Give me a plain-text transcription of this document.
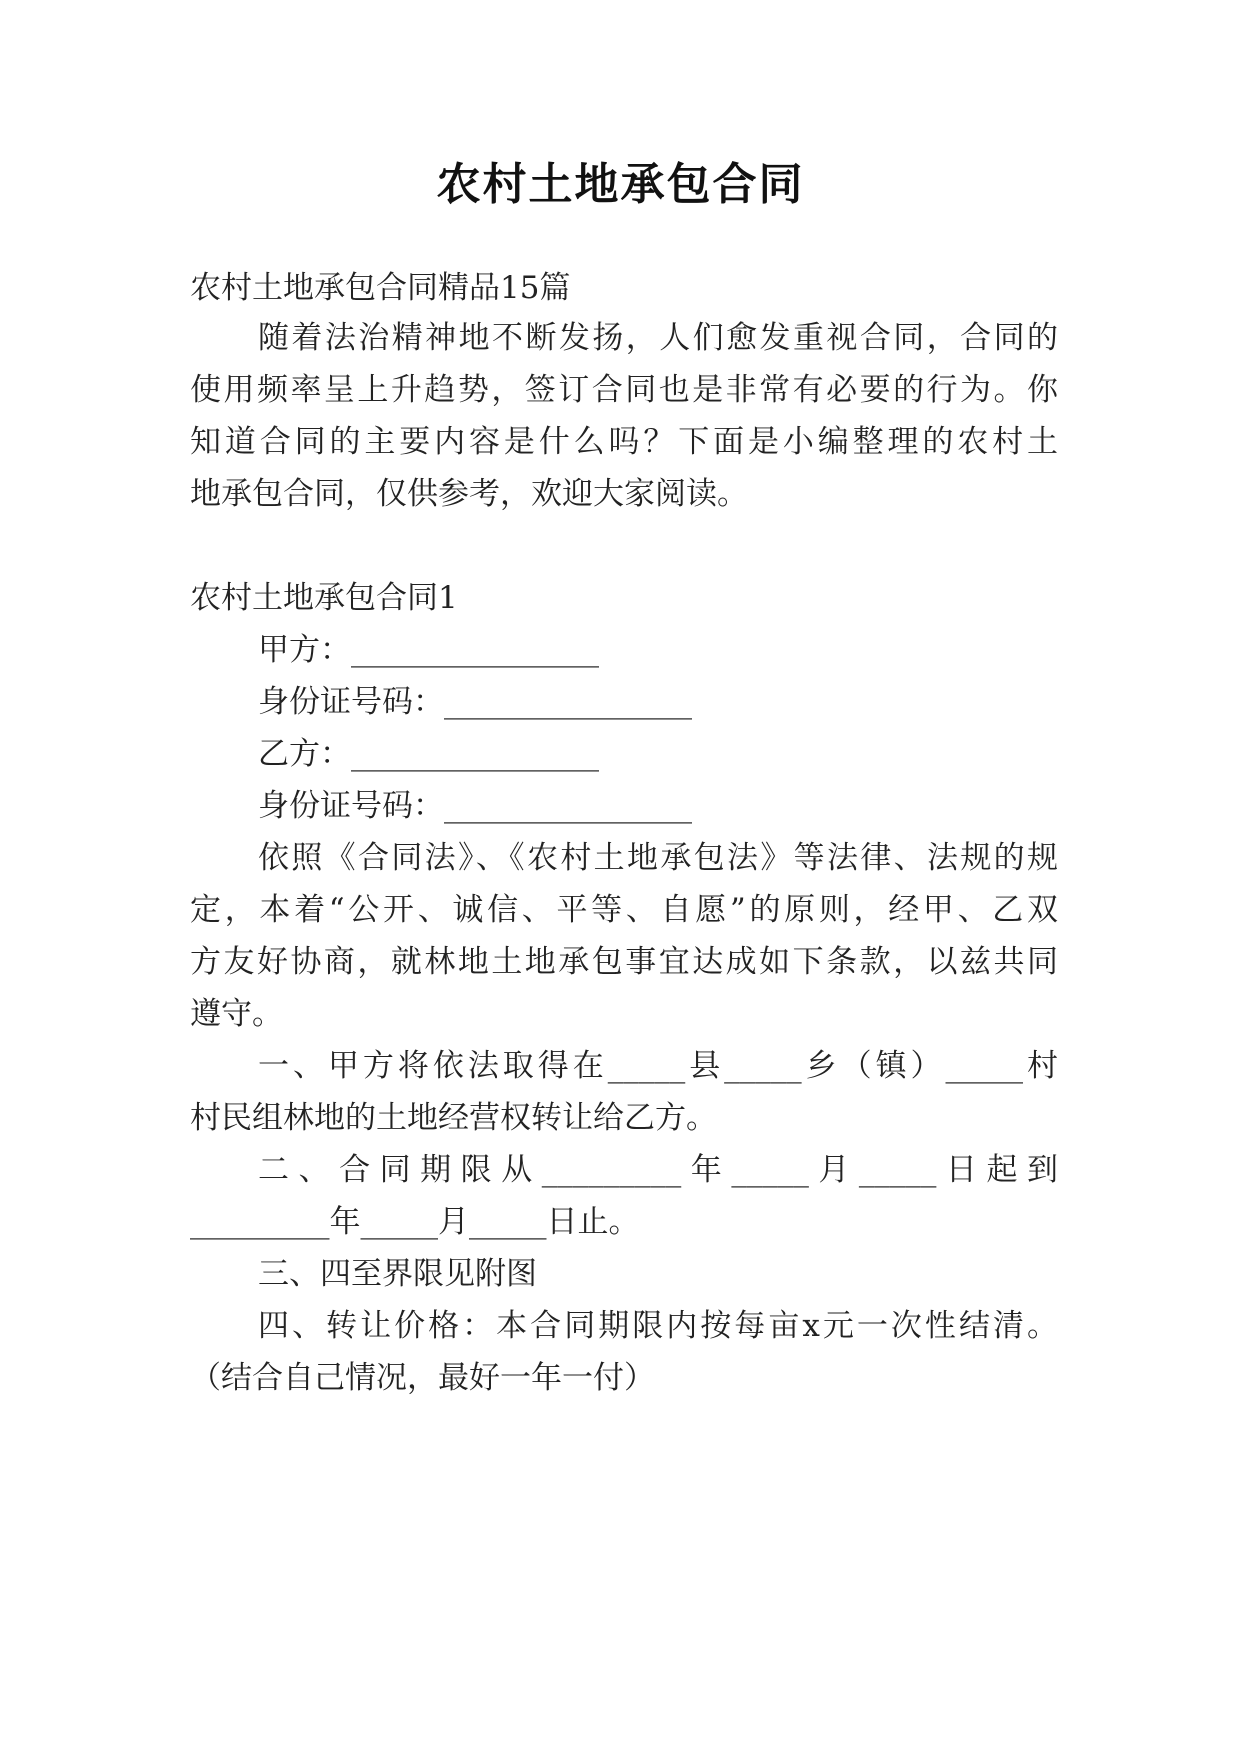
农村土地承包合同
农村土地承包合同精品15篇
随着法治精神地不断发扬，人们愈发重视合同，合同的
使用频率呈上升趋势，签订合同也是非常有必要的行为。你
知道合同的主要内容是什么吗？下面是小编整理的农村土
地承包合同，仅供参考，欢迎大家阅读。
农村土地承包合同1
甲方：________________
身份证号码：________________
乙方：________________
身份证号码：________________
依照《合同法》、《农村土地承包法》等法律、法规的规
定，本着“公开、诚信、平等、自愿”的原则，经甲、乙双
方友好协商，就林地土地承包事宜达成如下条款，以兹共同
遵守。
一、甲方将依法取得在_____县_____乡（镇）_____村
村民组林地的土地经营权转让给乙方。
二、合同期限从_________年_____月_____日起到
_________年_____月_____日止。
三、四至界限见附图
四、转让价格：本合同期限内按每亩x元一次性结清。
（结合自己情况，最好一年一付）
